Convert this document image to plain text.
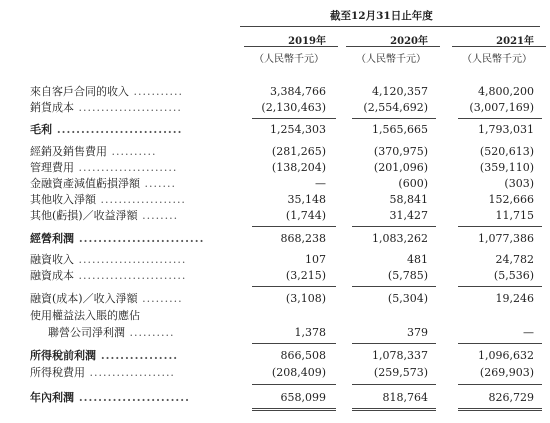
截至12月31日止年度
2019年	2020年	2021年
（人民幣千元）	（人民幣千元）	（人民幣千元）
來自客戶合同的收入 ...........	3,384,766	4,120,357	4,800,200
銷貨成本 .......................	(2,130,463)	(2,554,692)	(3,007,169)
毛利 ..........................	1,254,303	1,565,665	1,793,031
經銷及銷售費用 ..........	(281,265)	(370,975)	(520,613)
管理費用 ......................	(138,204)	(201,096)	(359,110)
金融資產減值虧損淨額 .......	—	(600)	(303)
其他收入淨額 ...................	35,148	58,841	152,666
其他(虧損)／收益淨額 ........	(1,744)	31,427	11,715
經營利潤 ..........................	868,238	1,083,262	1,077,386
融資收入 ........................	107	481	24,782
融資成本 ........................	(3,215)	(5,785)	(5,536)
融資(成本)／收入淨額 .........	(3,108)	(5,304)	19,246
使用權益法入賬的應佔
聯營公司淨利潤 ..........	1,378	379	—
所得稅前利潤 ................	866,508	1,078,337	1,096,632
所得稅費用 ...................	(208,409)	(259,573)	(269,903)
年內利潤 .......................	658,099	818,764	826,729
